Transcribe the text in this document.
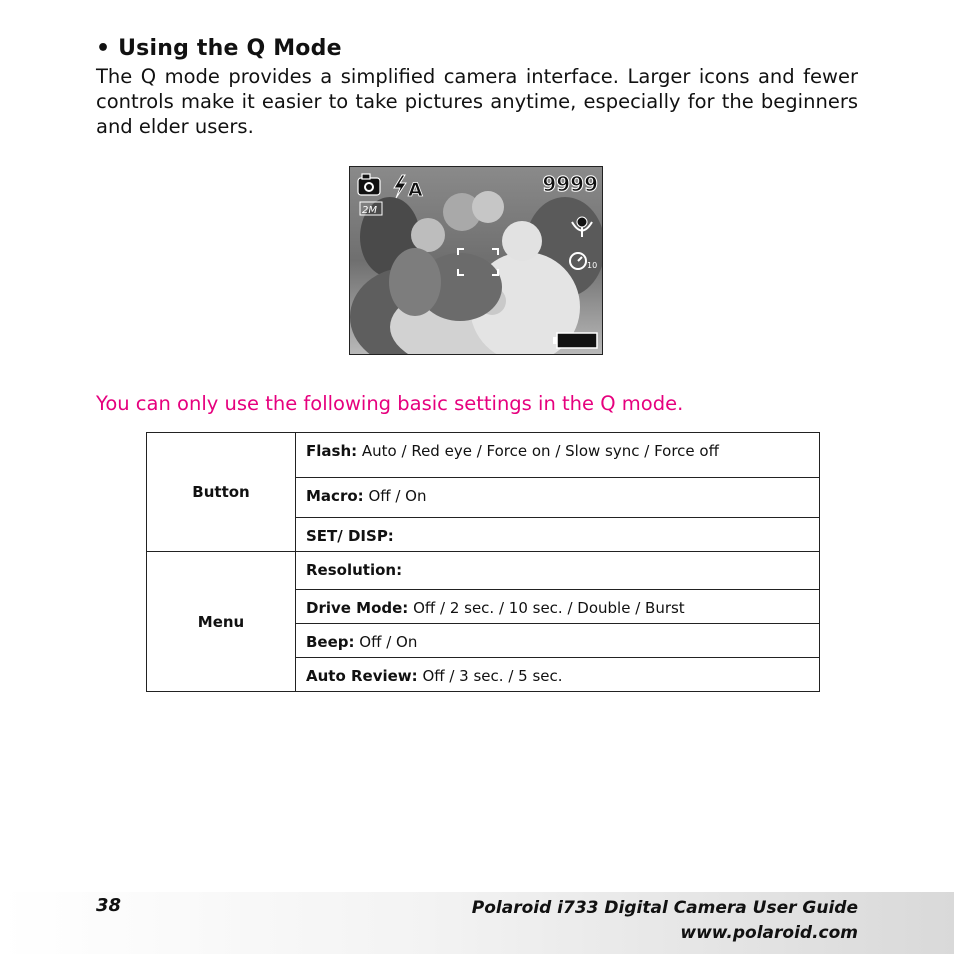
• Using the Q Mode

The Q mode provides a simplified camera interface. Larger icons and fewer controls make it easier to take pictures anytime, especially for the beginners and elder users.

A	9999
2M
10

You can only use the following basic settings in the Q mode.

Button	Flash: Auto / Red eye / Force on / Slow sync / Force off
	Macro: Off / On
	SET/ DISP:
Menu	Resolution:
	Drive Mode: Off / 2 sec. / 10 sec. / Double / Burst
	Beep: Off / On
	Auto Review: Off / 3 sec. / 5 sec.

38	Polaroid i733 Digital Camera User Guide

www.polaroid.com
